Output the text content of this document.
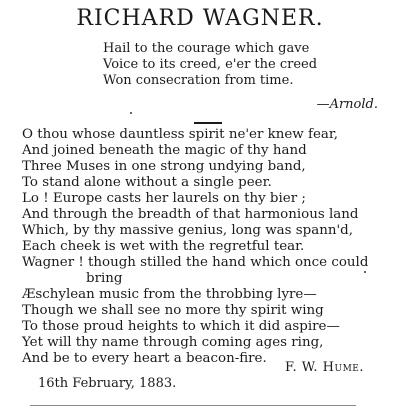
RICHARD WAGNER.
Hail to the courage which gave
Voice to its creed, e'er the creed
Won consecration from time.
—Arnold.
O thou whose dauntless spirit ne'er knew fear,
And joined beneath the magic of thy hand
Three Muses in one strong undying band,
To stand alone without a single peer.
Lo ! Europe casts her laurels on thy bier ;
And through the breadth of that harmonious land
Which, by thy massive genius, long was spann'd,
Each cheek is wet with the regretful tear.
Wagner ! though stilled the hand which once could
bring
Æschylean music from the throbbing lyre—
Though we shall see no more thy spirit wing
To those proud heights to which it did aspire—
Yet will thy name through coming ages ring,
And be to every heart a beacon-fire.
F. W. Hume.
16th February, 1883.
